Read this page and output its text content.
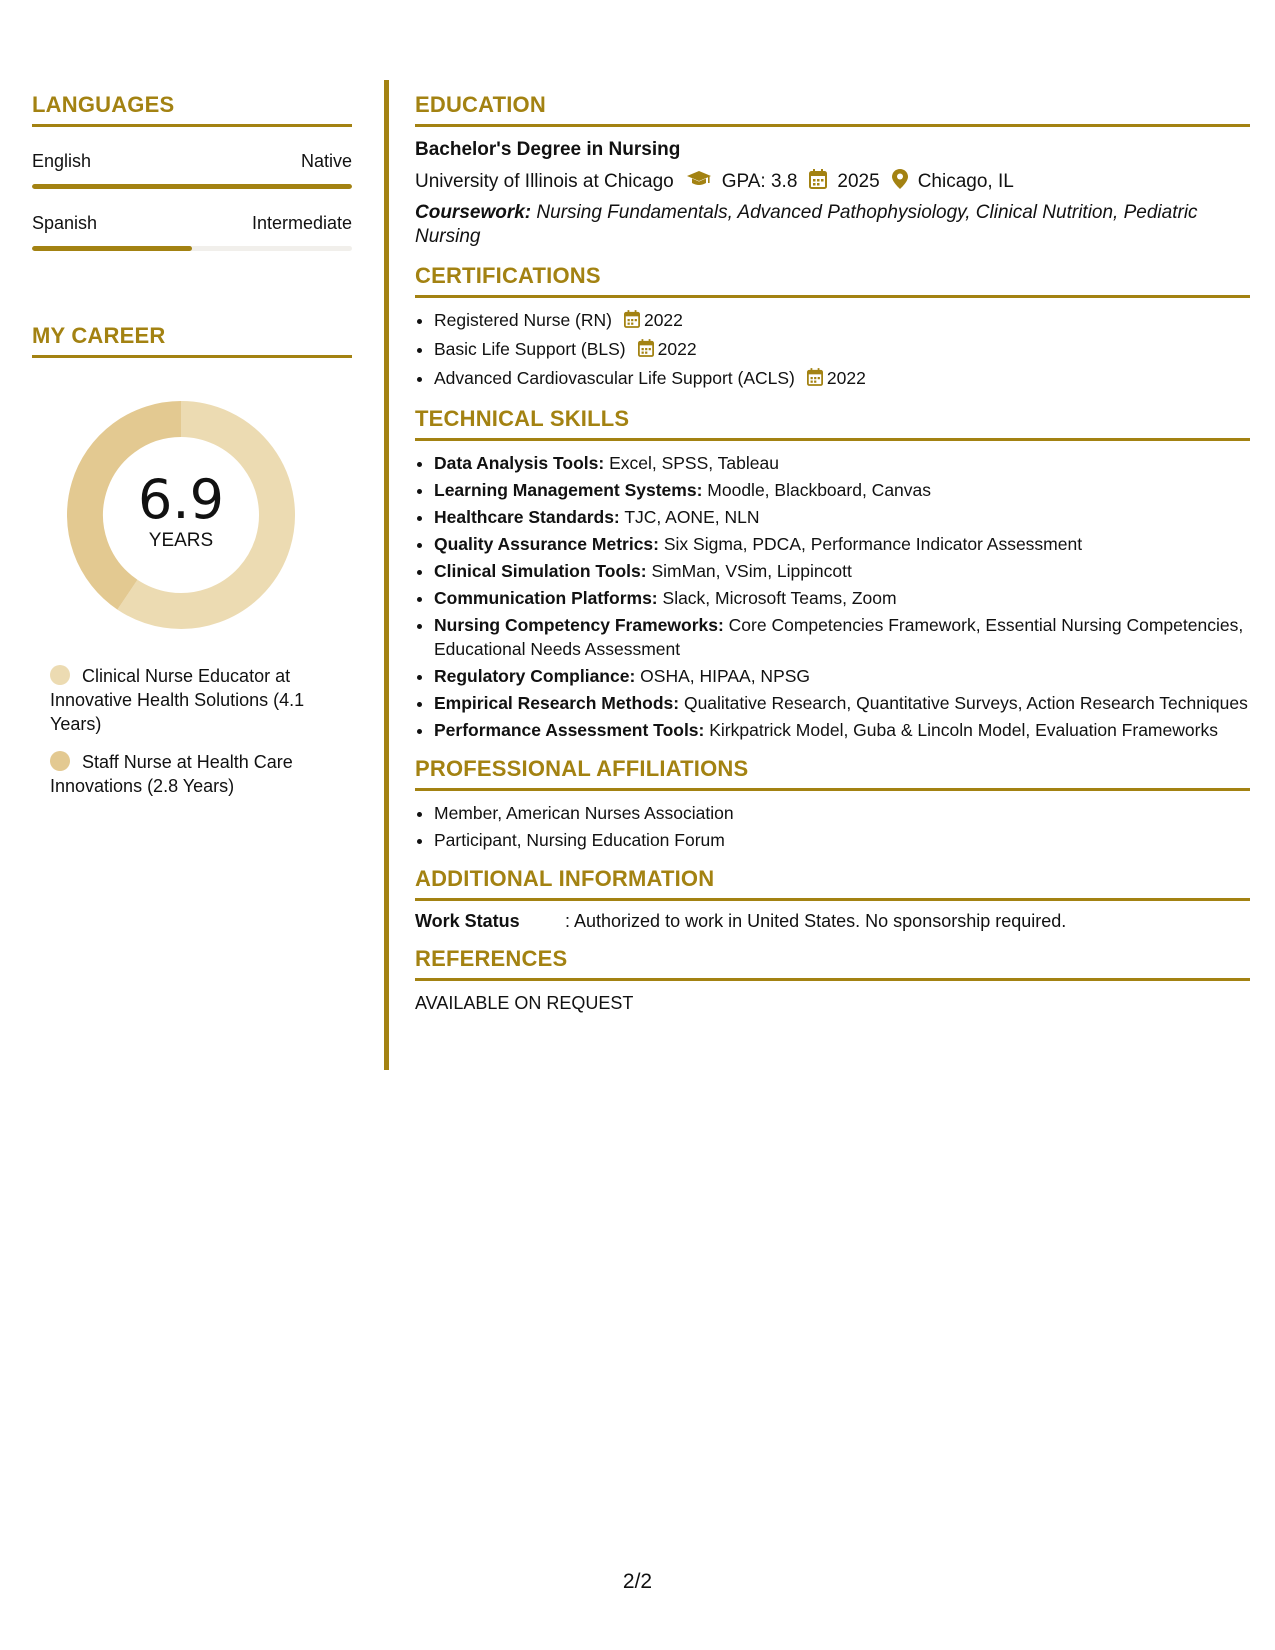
LANGUAGES
English	Native
Spanish	Intermediate
MY CAREER
6.9
YEARS
Clinical Nurse Educator at Innovative Health Solutions (4.1 Years)
Staff Nurse at Health Care Innovations (2.8 Years)
EDUCATION
Bachelor's Degree in Nursing
University of Illinois at Chicago	GPA: 3.8 2025 Chicago, IL
Coursework: Nursing Fundamentals, Advanced Pathophysiology, Clinical Nutrition, Pediatric Nursing
CERTIFICATIONS
• Registered Nurse (RN) 2022
• Basic Life Support (BLS) 2022
• Advanced Cardiovascular Life Support (ACLS) 2022
TECHNICAL SKILLS
• Data Analysis Tools: Excel, SPSS, Tableau
• Learning Management Systems: Moodle, Blackboard, Canvas
• Healthcare Standards: TJC, AONE, NLN
• Quality Assurance Metrics: Six Sigma, PDCA, Performance Indicator Assessment
• Clinical Simulation Tools: SimMan, VSim, Lippincott
• Communication Platforms: Slack, Microsoft Teams, Zoom
• Nursing Competency Frameworks: Core Competencies Framework, Essential Nursing Competencies, Educational Needs Assessment
• Regulatory Compliance: OSHA, HIPAA, NPSG
• Empirical Research Methods: Qualitative Research, Quantitative Surveys, Action Research Techniques
• Performance Assessment Tools: Kirkpatrick Model, Guba & Lincoln Model, Evaluation Frameworks
PROFESSIONAL AFFILIATIONS
• Member, American Nurses Association
• Participant, Nursing Education Forum
ADDITIONAL INFORMATION
Work Status	: Authorized to work in United States. No sponsorship required.
REFERENCES
AVAILABLE ON REQUEST
2/2
